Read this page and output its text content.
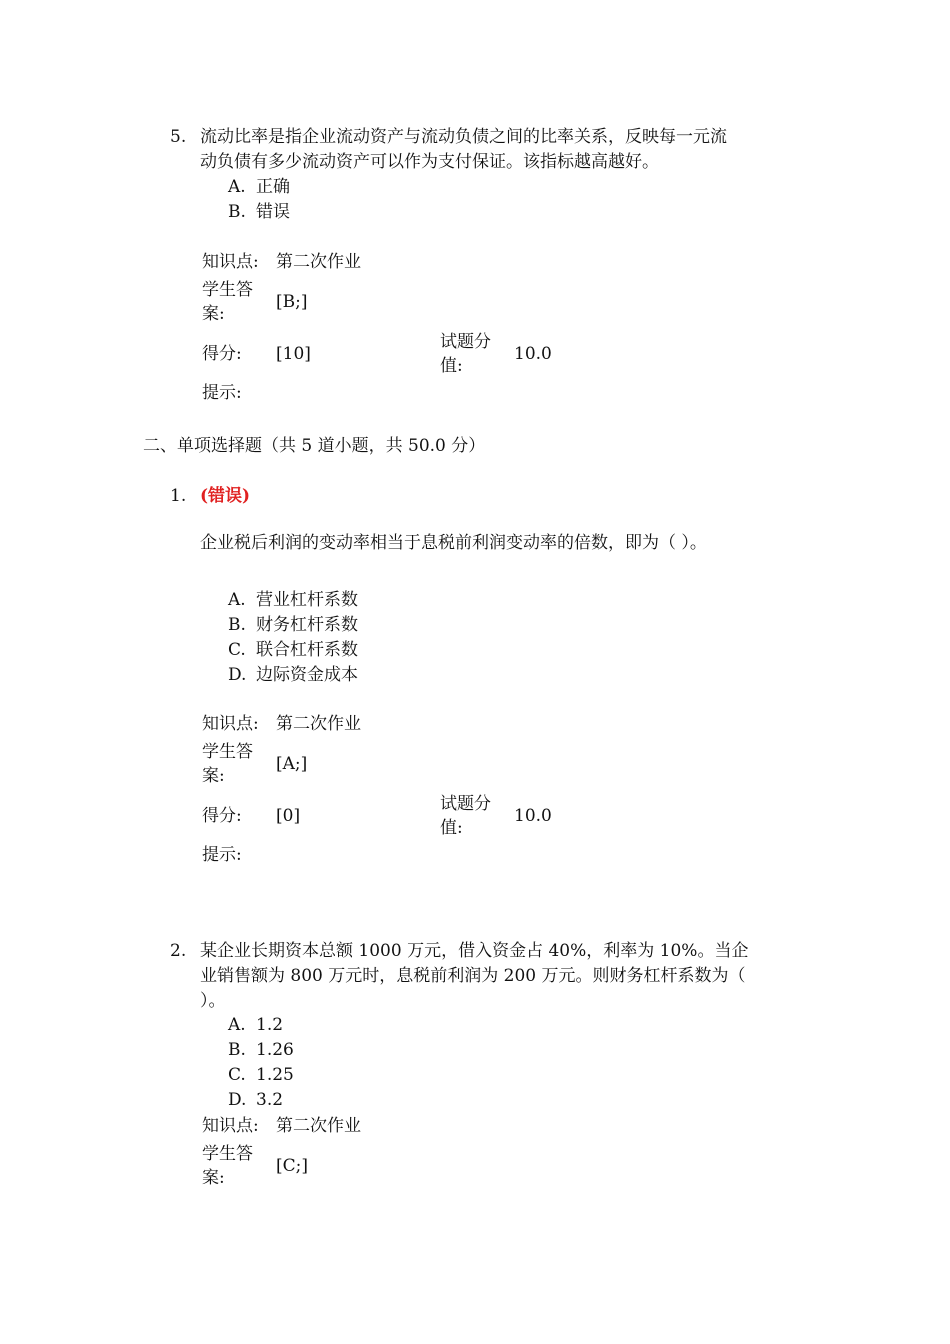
5. 流动比率是指企业流动资产与流动负债之间的比率关系，反映每一元流
动负债有多少流动资产可以作为支付保证。该指标越高越好。
A. 正确
B. 错误
知识点: 第二次作业
学生答
案:
[B;]
得分: [10]
试题分
值:
10.0
提示:
二、单项选择题（共 5 道小题，共 50.0 分）
1. (错误)
企业税后利润的变动率相当于息税前利润变动率的倍数，即为（ ）。
A. 营业杠杆系数
B. 财务杠杆系数
C. 联合杠杆系数
D. 边际资金成本
知识点: 第二次作业
学生答
案:
[A;]
得分: [0]
试题分
值:
10.0
提示:
2. 某企业长期资本总额 1000 万元，借入资金占 40%，利率为 10%。当企
业销售额为 800 万元时，息税前利润为 200 万元。则财务杠杆系数为（
）。
A. 1.2
B. 1.26
C. 1.25
D. 3.2
知识点: 第二次作业
学生答
案:
[C;]
